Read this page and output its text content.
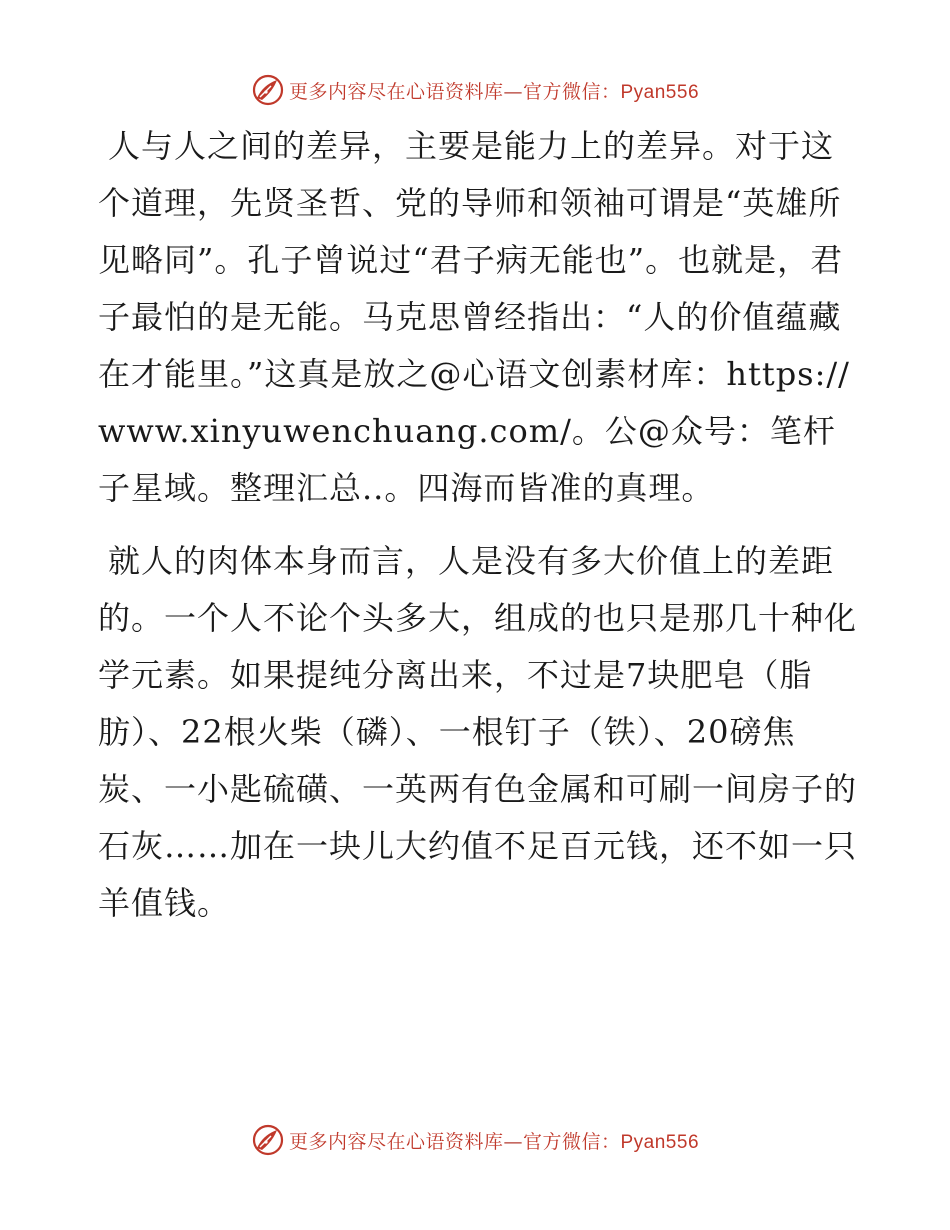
更多内容尽在心语资料库—官方微信：Pyan556

人与人之间的差异，主要是能力上的差异。对于这个道理，先贤圣哲、党的导师和领袖可谓是“英雄所见略同”。孔子曾说过“君子病无能也”。也就是，君子最怕的是无能。马克思曾经指出：“人的价值蕴藏在才能里。”这真是放之@心语文创素材库：https://www.xinyuwenchuang.com/。公@众号：笔杆子星域。整理汇总..。四海而皆准的真理。

就人的肉体本身而言，人是没有多大价值上的差距的。一个人不论个头多大，组成的也只是那几十种化学元素。如果提纯分离出来，不过是7块肥皂（脂肪）、22根火柴（磷）、一根钉子（铁）、20磅焦炭、一小匙硫磺、一英两有色金属和可刷一间房子的石灰……加在一块儿大约值不足百元钱，还不如一只羊值钱。

更多内容尽在心语资料库—官方微信：Pyan556
